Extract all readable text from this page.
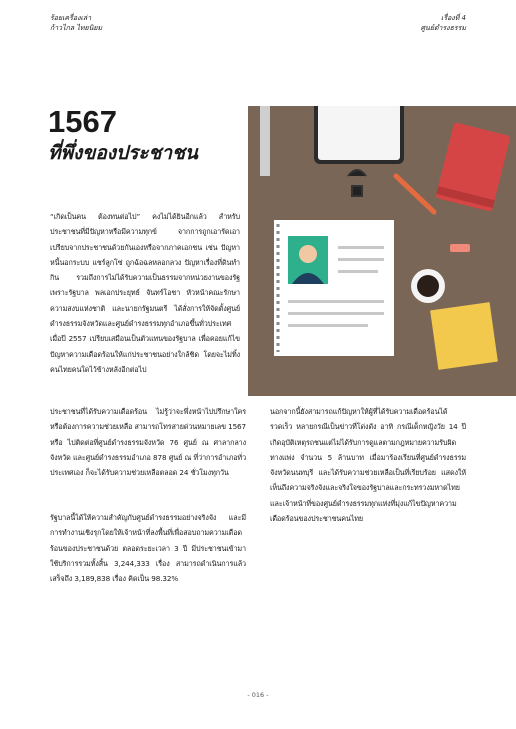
ร้อยเครื่องเล่า
ก้าวไกล ไทยนิยม
เรื่องที่ 4
ศูนย์ดำรงธรรม
1567
ที่พึ่งของประชาชน
“เกิดเป็นคน ต้องทนต่อไป” คงไม่ได้ยินอีกแล้ว สำหรับประชาชนที่มีปัญหาหรือมีความทุกข์ จากการถูกเอารัดเอาเปรียบจากประชาชนด้วยกันเองหรือจากภาคเอกชน เช่น ปัญหาหนี้นอกระบบ แชร์ลูกโซ่ ถูกฉ้อฉลหลอกลวง ปัญหาเรื่องที่ดินทำกิน รวมถึงการไม่ได้รับความเป็นธรรมจากหน่วยงานของรัฐ เพราะรัฐบาล พลเอกประยุทธ์ จันทร์โอชา หัวหน้าคณะรักษาความสงบแห่งชาติ และนายกรัฐมนตรี ได้สั่งการให้จัดตั้งศูนย์ดำรงธรรมจังหวัดและศูนย์ดำรงธรรมทุกอำเภอขึ้นทั่วประเทศเมื่อปี 2557 เปรียบเสมือนเป็นตัวแทนของรัฐบาล เพื่อคอยแก้ไขปัญหาความเดือดร้อนให้แก่ประชาชนอย่างใกล้ชิด โดยจะไม่ทิ้งคนไทยคนใดไว้ข้างหลังอีกต่อไป
ประชาชนที่ได้รับความเดือดร้อน ไม่รู้ว่าจะพึ่งหน้าไปปรึกษาใครหรือต้องการความช่วยเหลือ สามารถโทรสายด่วนหมายเลข 1567 หรือ ไปติดต่อที่ศูนย์ดำรงธรรมจังหวัด 76 ศูนย์ ณ ศาลากลางจังหวัด และศูนย์ดำรงธรรมอำเภอ 878 ศูนย์ ณ ที่ว่าการอำเภอทั่วประเทศเอง ก็จะได้รับความช่วยเหลือตลอด 24 ชั่วโมงทุกวัน
รัฐบาลนี้ได้ให้ความสำคัญกับศูนย์ดำรงธรรมอย่างจริงจัง และมีการทำงานเชิงรุกโดยให้เจ้าหน้าที่ลงพื้นที่เพื่อสอบถามความเดือดร้อนของประชาชนด้วย ตลอดระยะเวลา 3 ปี มีประชาชนเข้ามาใช้บริการรวมทั้งสิ้น 3,244,333 เรื่อง สามารถดำเนินการแล้วเสร็จถึง 3,189,838 เรื่อง คิดเป็น 98.32%
นอกจากนี้ยังสามารถแก้ปัญหาให้ผู้ที่ได้รับความเดือดร้อนได้รวดเร็ว หลายกรณีเป็นข่าวที่โด่งดัง อาทิ กรณีเด็กหญิงวัย 14 ปี เกิดอุบัติเหตุรถชนแต่ไม่ได้รับการดูแลตามกฎหมายความรับผิดทางแพ่ง จำนวน 5 ล้านบาท เมื่อมาร้องเรียนที่ศูนย์ดำรงธรรมจังหวัดนนทบุรี และได้รับความช่วยเหลือเป็นที่เรียบร้อย แสดงให้เห็นถึงความจริงจังและจริงใจของรัฐบาลและกระทรวงมหาดไทย และเจ้าหน้าที่ของศูนย์ดำรงธรรมทุกแห่งที่มุ่งแก้ไขปัญหาความเดือดร้อนของประชาชนคนไทย
- 016 -
